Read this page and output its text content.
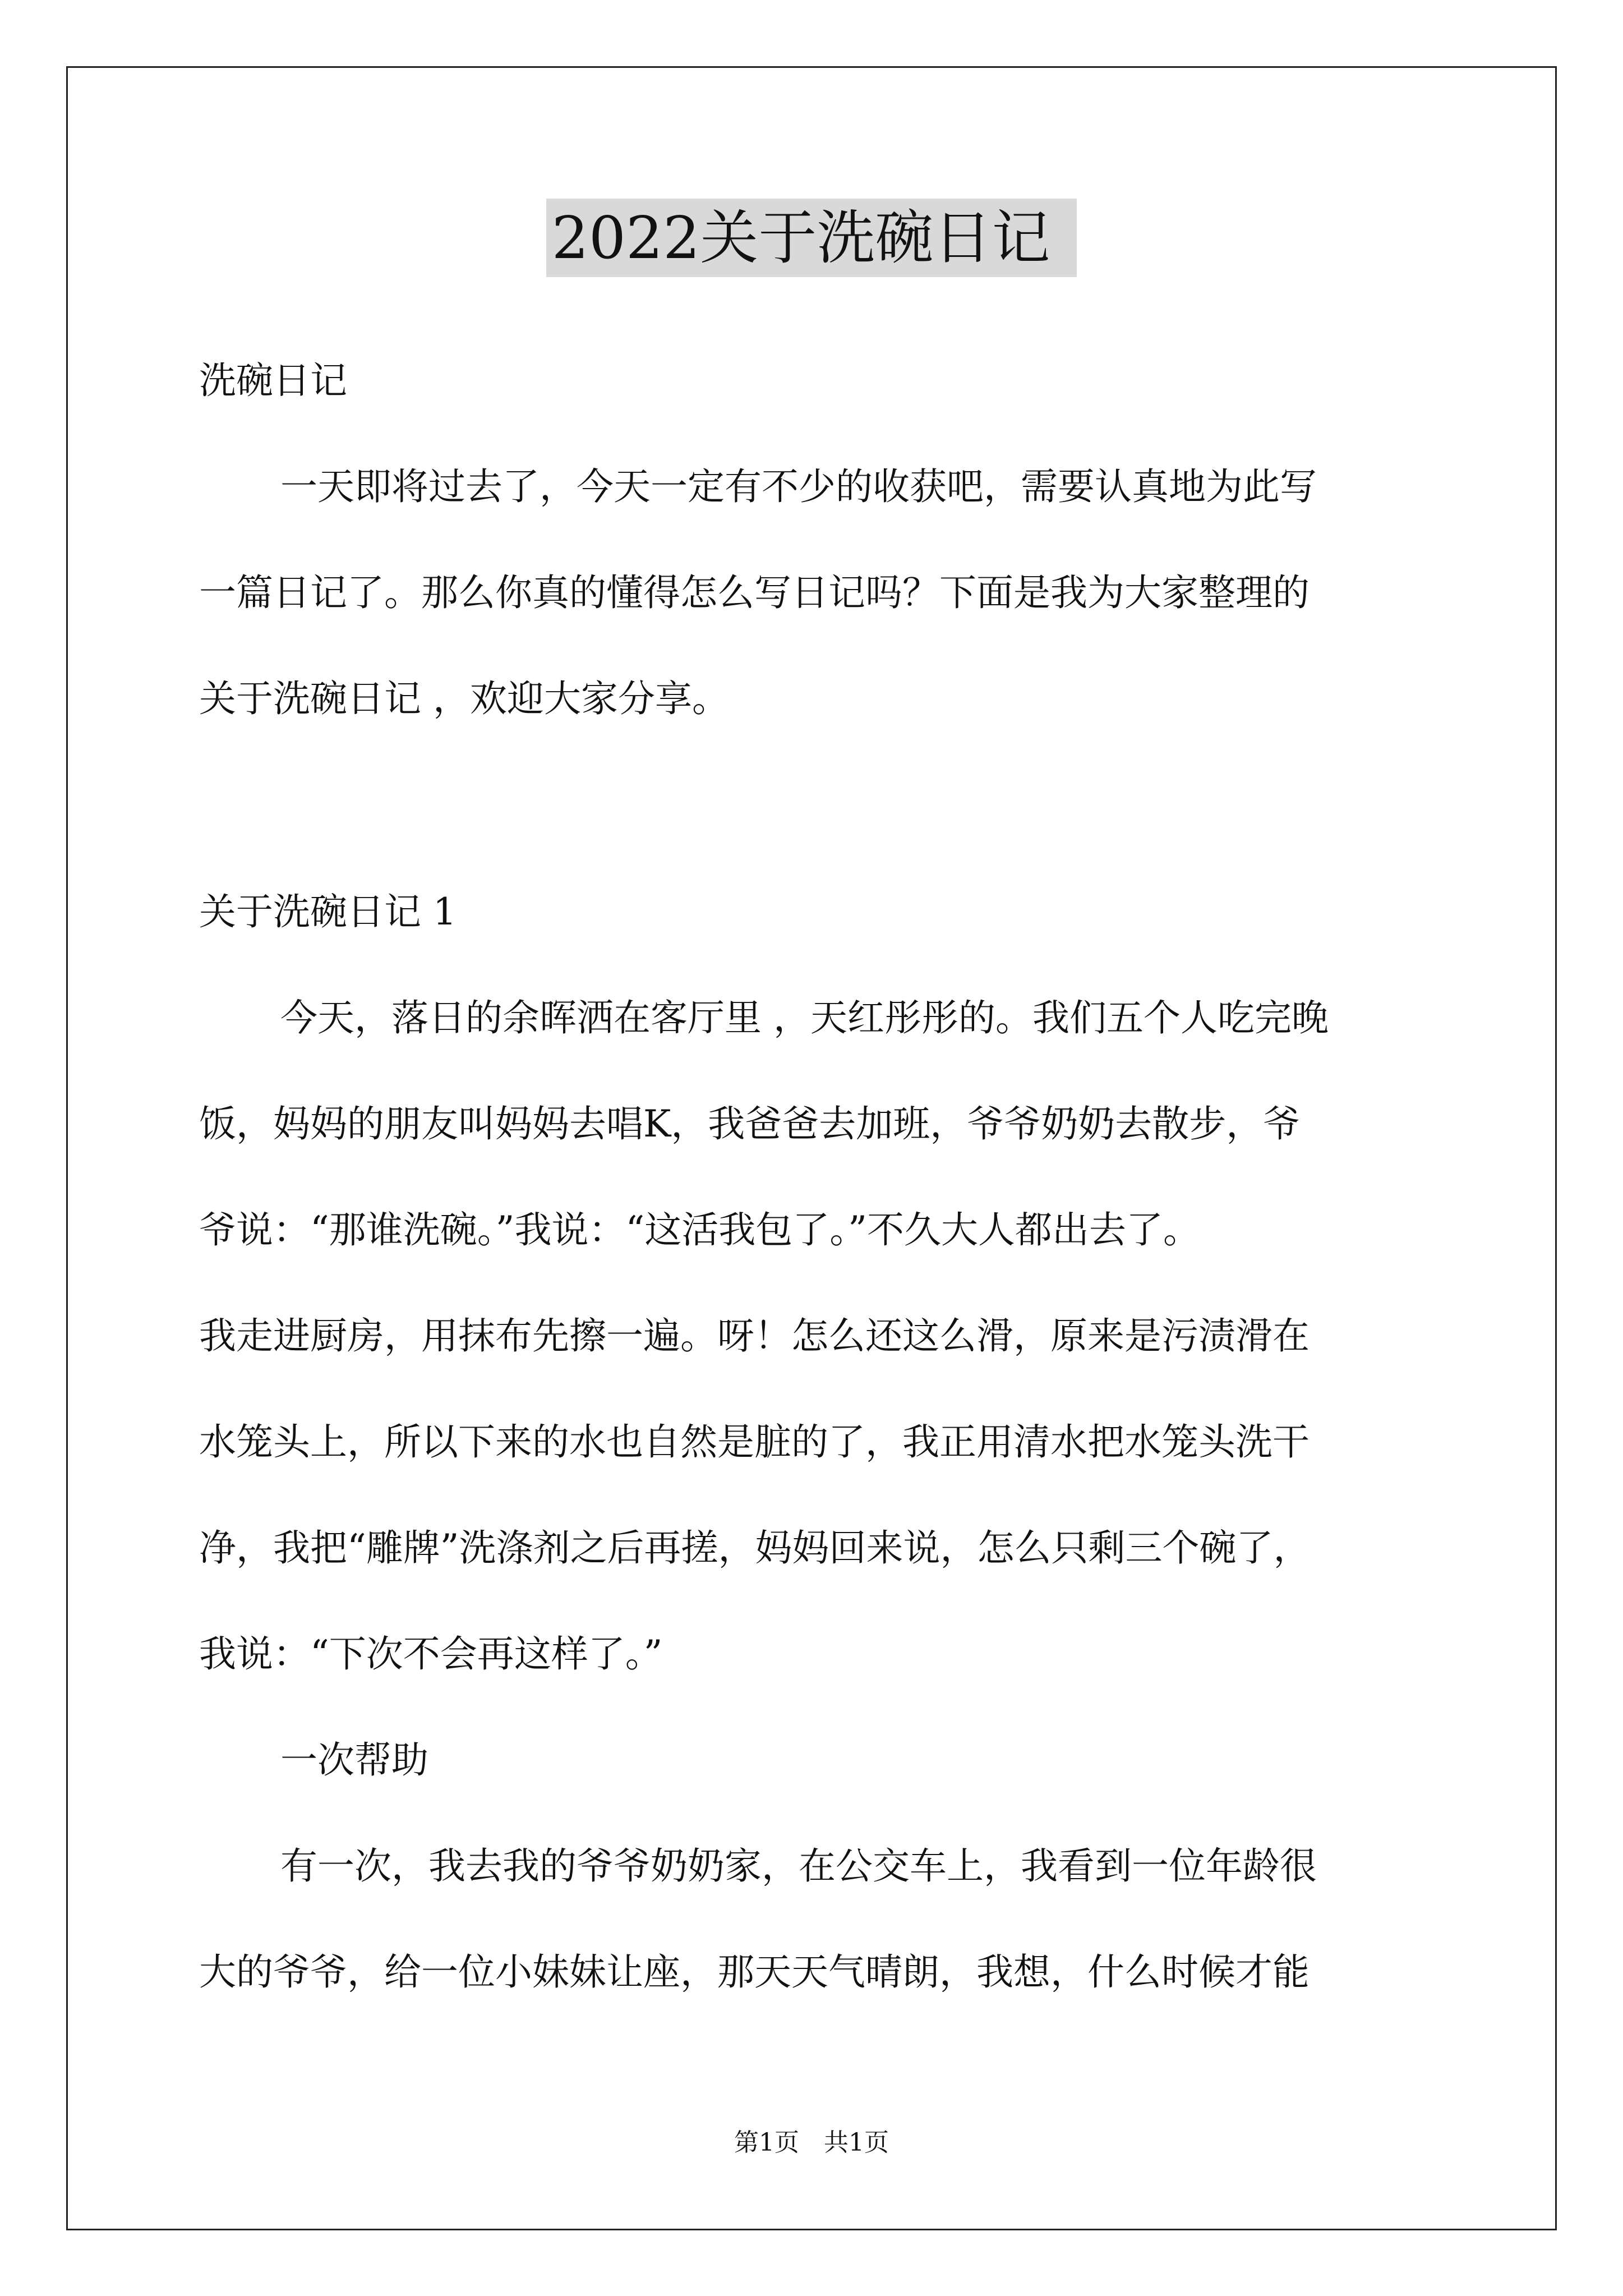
2022关于洗碗日记
洗碗日记
一天即将过去了，今天一定有不少的收获吧，需要认真地为此写
一篇日记了。那么你真的懂得怎么写日记吗？下面是我为大家整理的
关于洗碗日记 ，欢迎大家分享。
关于洗碗日记 1
今天，落日的余晖洒在客厅里 ，天红彤彤的。我们五个人吃完晚
饭，妈妈的朋友叫妈妈去唱K，我爸爸去加班，爷爷奶奶去散步，爷
爷说：“那谁洗碗。”我说：“这活我包了。”不久大人都出去了。
我走进厨房，用抹布先擦一遍。呀！怎么还这么滑，原来是污渍滑在
水笼头上，所以下来的水也自然是脏的了，我正用清水把水笼头洗干
净，我把“雕牌”洗涤剂之后再搓，妈妈回来说，怎么只剩三个碗了，
我说：“下次不会再这样了。”
一次帮助
有一次，我去我的爷爷奶奶家，在公交车上，我看到一位年龄很
大的爷爷，给一位小妹妹让座，那天天气晴朗，我想，什么时候才能
第1页　共1页
